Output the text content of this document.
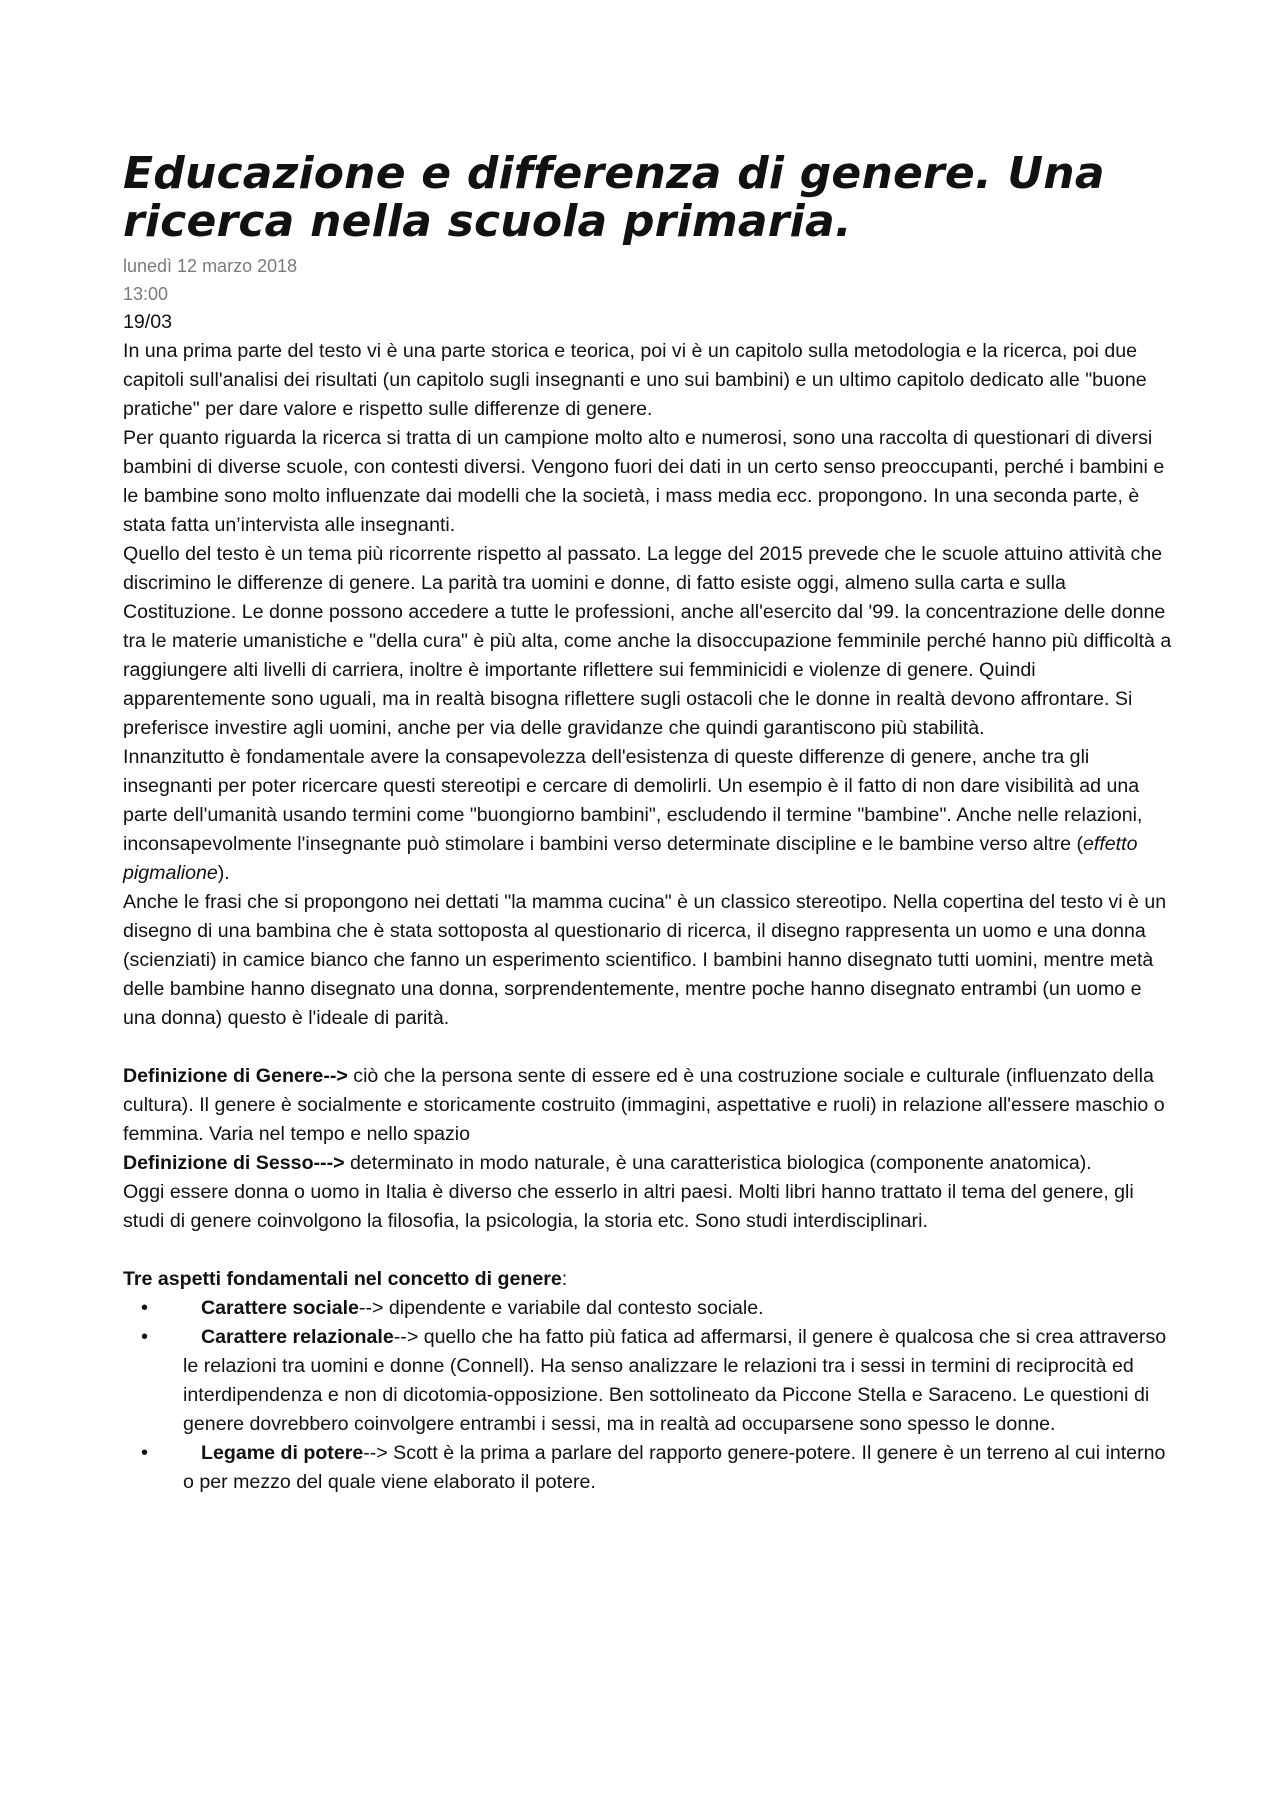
Educazione e differenza di genere. Una ricerca nella scuola primaria.
lunedì 12 marzo 2018
13:00

19/03

In una prima parte del testo vi è una parte storica e teorica, poi vi è un capitolo sulla metodologia e la ricerca, poi due capitoli sull'analisi dei risultati (un capitolo sugli insegnanti e uno sui bambini) e un ultimo capitolo dedicato alle "buone pratiche" per dare valore e rispetto sulle differenze di genere.

Per quanto riguarda la ricerca si tratta di un campione molto alto e numerosi, sono una raccolta di questionari di diversi bambini di diverse scuole, con contesti diversi. Vengono fuori dei dati in un certo senso preoccupanti, perché i bambini e le bambine sono molto influenzate dai modelli che la società, i mass media ecc. propongono. In una seconda parte, è stata fatta un’intervista alle insegnanti.

Quello del testo è un tema più ricorrente rispetto al passato. La legge del 2015 prevede che le scuole attuino attività che discrimino le differenze di genere. La parità tra uomini e donne, di fatto esiste oggi, almeno sulla carta e sulla Costituzione. Le donne possono accedere a tutte le professioni, anche all'esercito dal '99. la concentrazione delle donne tra le materie umanistiche e "della cura" è più alta, come anche la disoccupazione femminile perché hanno più difficoltà a raggiungere alti livelli di carriera, inoltre è importante riflettere sui femminicidi e violenze di genere. Quindi apparentemente sono uguali, ma in realtà bisogna riflettere sugli ostacoli che le donne in realtà devono affrontare. Si preferisce investire agli uomini, anche per via delle gravidanze che quindi garantiscono più stabilità.

Innanzitutto è fondamentale avere la consapevolezza dell'esistenza di queste differenze di genere, anche tra gli insegnanti per poter ricercare questi stereotipi e cercare di demolirli. Un esempio è il fatto di non dare visibilità ad una parte dell'umanità usando termini come "buongiorno bambini", escludendo il termine "bambine". Anche nelle relazioni, inconsapevolmente l'insegnante può stimolare i bambini verso determinate discipline e le bambine verso altre (effetto pigmalione).

Anche le frasi che si propongono nei dettati "la mamma cucina" è un classico stereotipo. Nella copertina del testo vi è un disegno di una bambina che è stata sottoposta al questionario di ricerca, il disegno rappresenta un uomo e una donna (scienziati) in camice bianco che fanno un esperimento scientifico. I bambini hanno disegnato tutti uomini, mentre metà delle bambine hanno disegnato una donna, sorprendentemente, mentre poche hanno disegnato entrambi (un uomo e una donna) questo è l'ideale di parità.

Definizione di Genere--> ciò che la persona sente di essere ed è una costruzione sociale e culturale (influenzato della cultura). Il genere è socialmente e storicamente costruito (immagini, aspettative e ruoli) in relazione all'essere maschio o femmina. Varia nel tempo e nello spazio

Definizione di Sesso---> determinato in modo naturale, è una caratteristica biologica (componente anatomica).

Oggi essere donna o uomo in Italia è diverso che esserlo in altri paesi. Molti libri hanno trattato il tema del genere, gli studi di genere coinvolgono la filosofia, la psicologia, la storia etc. Sono studi interdisciplinari.

Tre aspetti fondamentali nel concetto di genere:

•	Carattere sociale--> dipendente e variabile dal contesto sociale.
•	Carattere relazionale--> quello che ha fatto più fatica ad affermarsi, il genere è qualcosa che si crea attraverso le relazioni tra uomini e donne (Connell). Ha senso analizzare le relazioni tra i sessi in termini di reciprocità ed interdipendenza e non di dicotomia-opposizione. Ben sottolineato da Piccone Stella e Saraceno. Le questioni di genere dovrebbero coinvolgere entrambi i sessi, ma in realtà ad occuparsene sono spesso le donne.
•	Legame di potere--> Scott è la prima a parlare del rapporto genere-potere. Il genere è un terreno al cui interno o per mezzo del quale viene elaborato il potere.
